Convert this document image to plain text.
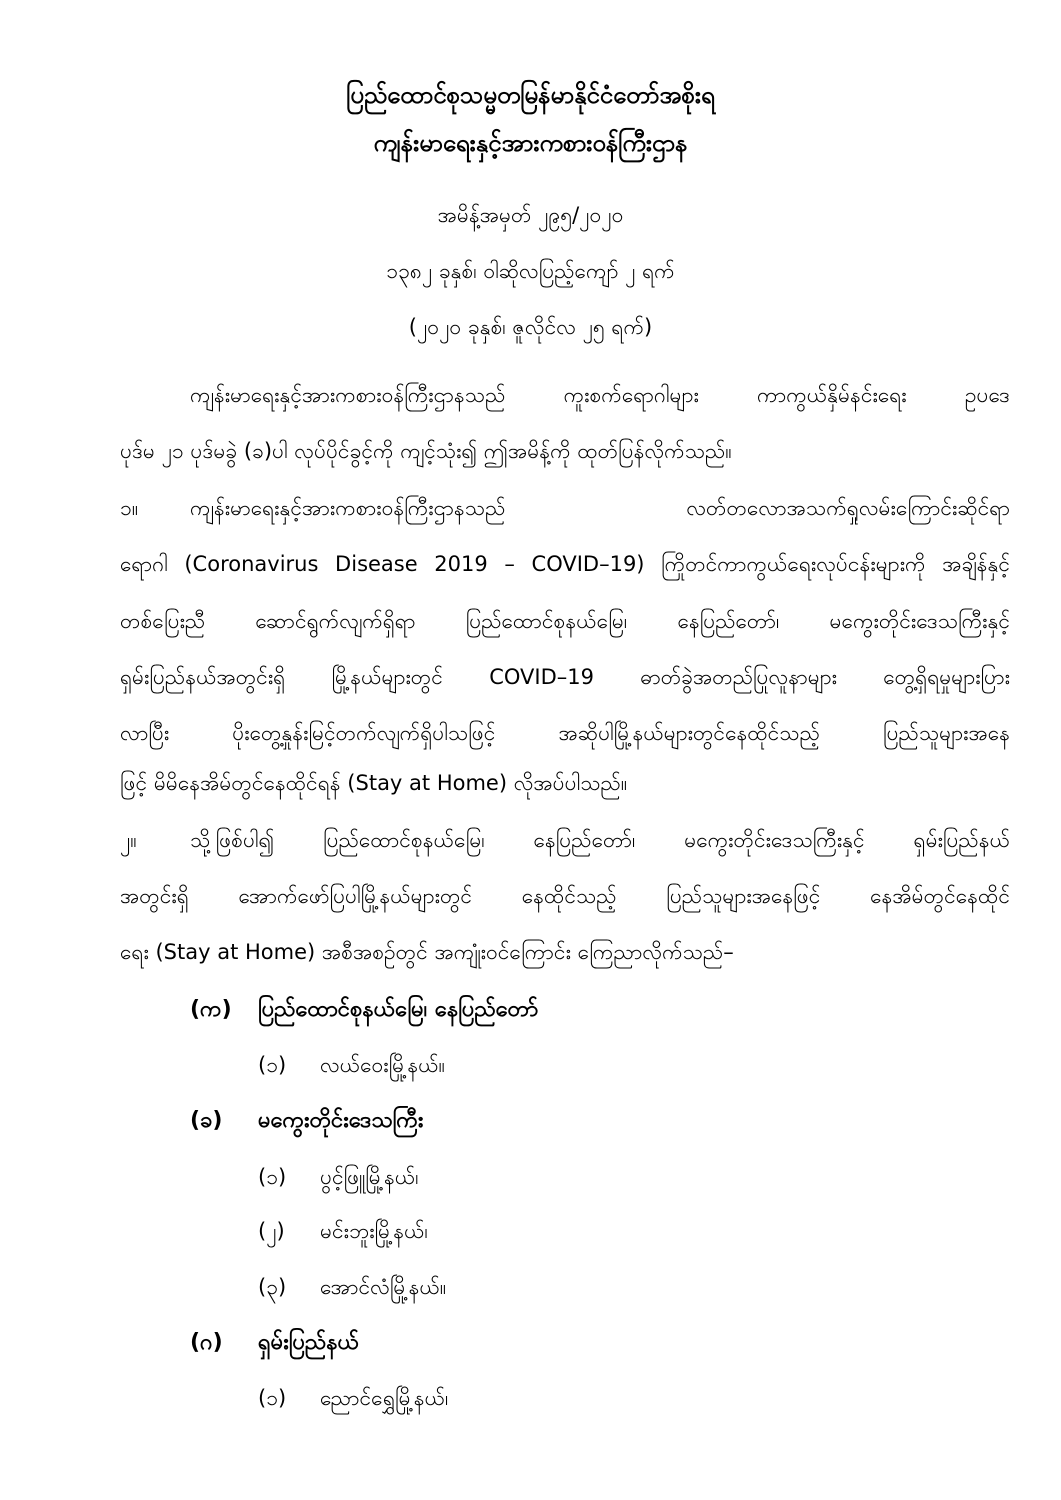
ပြည်ထောင်စုသမ္မတမြန်မာနိုင်ငံတော်အစိုးရ
ကျန်းမာရေးနှင့်အားကစားဝန်ကြီးဌာန
အမိန့်အမှတ် ၂၉၅/၂၀၂၀
၁၃၈၂ ခုနှစ်၊ ဝါဆိုလပြည့်ကျော် ၂ ရက်
(၂၀၂၀ ခုနှစ်၊ ဇူလိုင်လ ၂၅ ရက်)
ကျန်းမာရေးနှင့်အားကစားဝန်ကြီးဌာနသည် ကူးစက်ရောဂါများ ကာကွယ်နှိမ်နင်းရေး ဥပဒေ
ပုဒ်မ ၂၁ ပုဒ်မခွဲ (ခ)ပါ လုပ်ပိုင်ခွင့်ကို ကျင့်သုံး၍ ဤအမိန့်ကို ထုတ်ပြန်လိုက်သည်။
၁။ ကျန်းမာရေးနှင့်အားကစားဝန်ကြီးဌာနသည် လတ်တလောအသက်ရှုလမ်းကြောင်းဆိုင်ရာ
ရောဂါ (Coronavirus Disease 2019 – COVID–19) ကြိုတင်ကာကွယ်ရေးလုပ်ငန်းများကို အချိန်နှင့်
တစ်ပြေးညီ ဆောင်ရွက်လျက်ရှိရာ ပြည်ထောင်စုနယ်မြေ၊ နေပြည်တော်၊ မကွေးတိုင်းဒေသကြီးနှင့်
ရှမ်းပြည်နယ်အတွင်းရှိ မြို့နယ်များတွင် COVID–19 ဓာတ်ခွဲအတည်ပြုလူနာများ တွေ့ရှိရမှုများပြား
လာပြီး ပိုးတွေ့နှုန်းမြင့်တက်လျက်ရှိပါသဖြင့် အဆိုပါမြို့နယ်များတွင်နေထိုင်သည့် ပြည်သူများအနေ
ဖြင့် မိမိနေအိမ်တွင်နေထိုင်ရန် (Stay at Home) လိုအပ်ပါသည်။
၂။	သို့ဖြစ်ပါ၍ ပြည်ထောင်စုနယ်မြေ၊ နေပြည်တော်၊ မကွေးတိုင်းဒေသကြီးနှင့် ရှမ်းပြည်နယ်
အတွင်းရှိ အောက်ဖော်ပြပါမြို့နယ်များတွင် နေထိုင်သည့် ပြည်သူများအနေဖြင့် နေအိမ်တွင်နေထိုင်
ရေး (Stay at Home) အစီအစဉ်တွင် အကျုံးဝင်ကြောင်း ကြေညာလိုက်သည်–
(က) ပြည်ထောင်စုနယ်မြေ၊ နေပြည်တော်
(၁) လယ်ဝေးမြို့နယ်။
(ခ) မကွေးတိုင်းဒေသကြီး
(၁) ပွင့်ဖြူမြို့နယ်၊
(၂) မင်းဘူးမြို့နယ်၊
(၃) အောင်လံမြို့နယ်။
(ဂ) ရှမ်းပြည်နယ်
(၁) ညောင်ရွှေမြို့နယ်၊
